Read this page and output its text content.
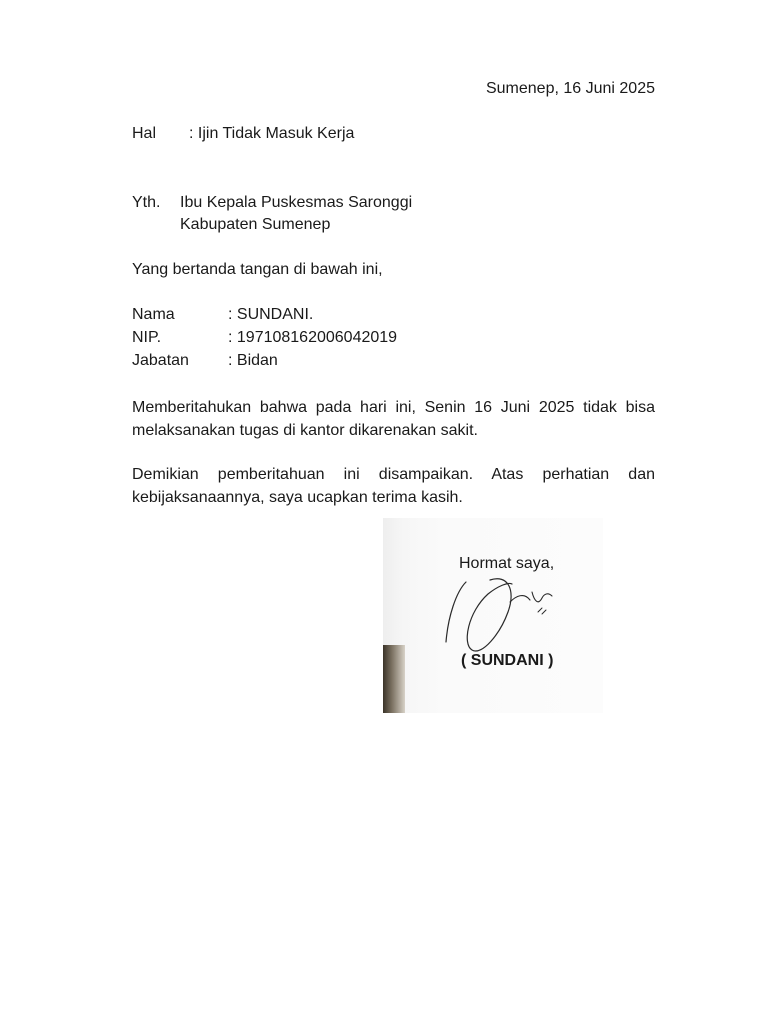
Sumenep, 16 Juni 2025
Hal : Ijin Tidak Masuk Kerja
Yth. Ibu Kepala Puskesmas Saronggi
Kabupaten Sumenep
Yang bertanda tangan di bawah ini,
Nama	: SUNDANI.
NIP.	: 197108162006042019
Jabatan : Bidan
Memberitahukan bahwa pada hari ini, Senin 16 Juni 2025 tidak bisa melaksanakan tugas di kantor dikarenakan sakit.
Demikian pemberitahuan ini disampaikan. Atas perhatian dan kebijaksanaannya, saya ucapkan terima kasih.
Hormat saya,
( SUNDANI )
